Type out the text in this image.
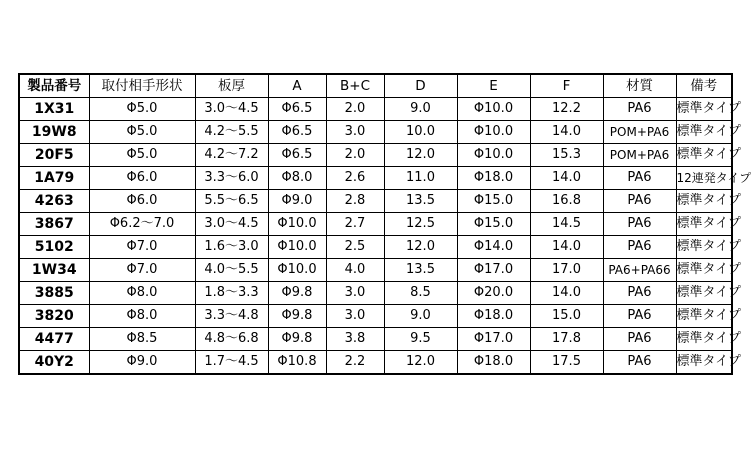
製品番号	取付相手形状	板厚	A	B+C	D	E	F	材質	備考
1X31	Φ5.0	3.0～4.5	Φ6.5	2.0	9.0	Φ10.0	12.2	PA6	標準タイプ
19W8	Φ5.0	4.2～5.5	Φ6.5	3.0	10.0	Φ10.0	14.0	POM+PA6	標準タイプ
20F5	Φ5.0	4.2～7.2	Φ6.5	2.0	12.0	Φ10.0	15.3	POM+PA6	標準タイプ
1A79	Φ6.0	3.3～6.0	Φ8.0	2.6	11.0	Φ18.0	14.0	PA6	12連発タイプ
4263	Φ6.0	5.5～6.5	Φ9.0	2.8	13.5	Φ15.0	16.8	PA6	標準タイプ
3867	Φ6.2～7.0	3.0～4.5	Φ10.0	2.7	12.5	Φ15.0	14.5	PA6	標準タイプ
5102	Φ7.0	1.6～3.0	Φ10.0	2.5	12.0	Φ14.0	14.0	PA6	標準タイプ
1W34	Φ7.0	4.0～5.5	Φ10.0	4.0	13.5	Φ17.0	17.0	PA6+PA66	標準タイプ
3885	Φ8.0	1.8～3.3	Φ9.8	3.0	8.5	Φ20.0	14.0	PA6	標準タイプ
3820	Φ8.0	3.3～4.8	Φ9.8	3.0	9.0	Φ18.0	15.0	PA6	標準タイプ
4477	Φ8.5	4.8～6.8	Φ9.8	3.8	9.5	Φ17.0	17.8	PA6	標準タイプ
40Y2	Φ9.0	1.7～4.5	Φ10.8	2.2	12.0	Φ18.0	17.5	PA6	標準タイプ
